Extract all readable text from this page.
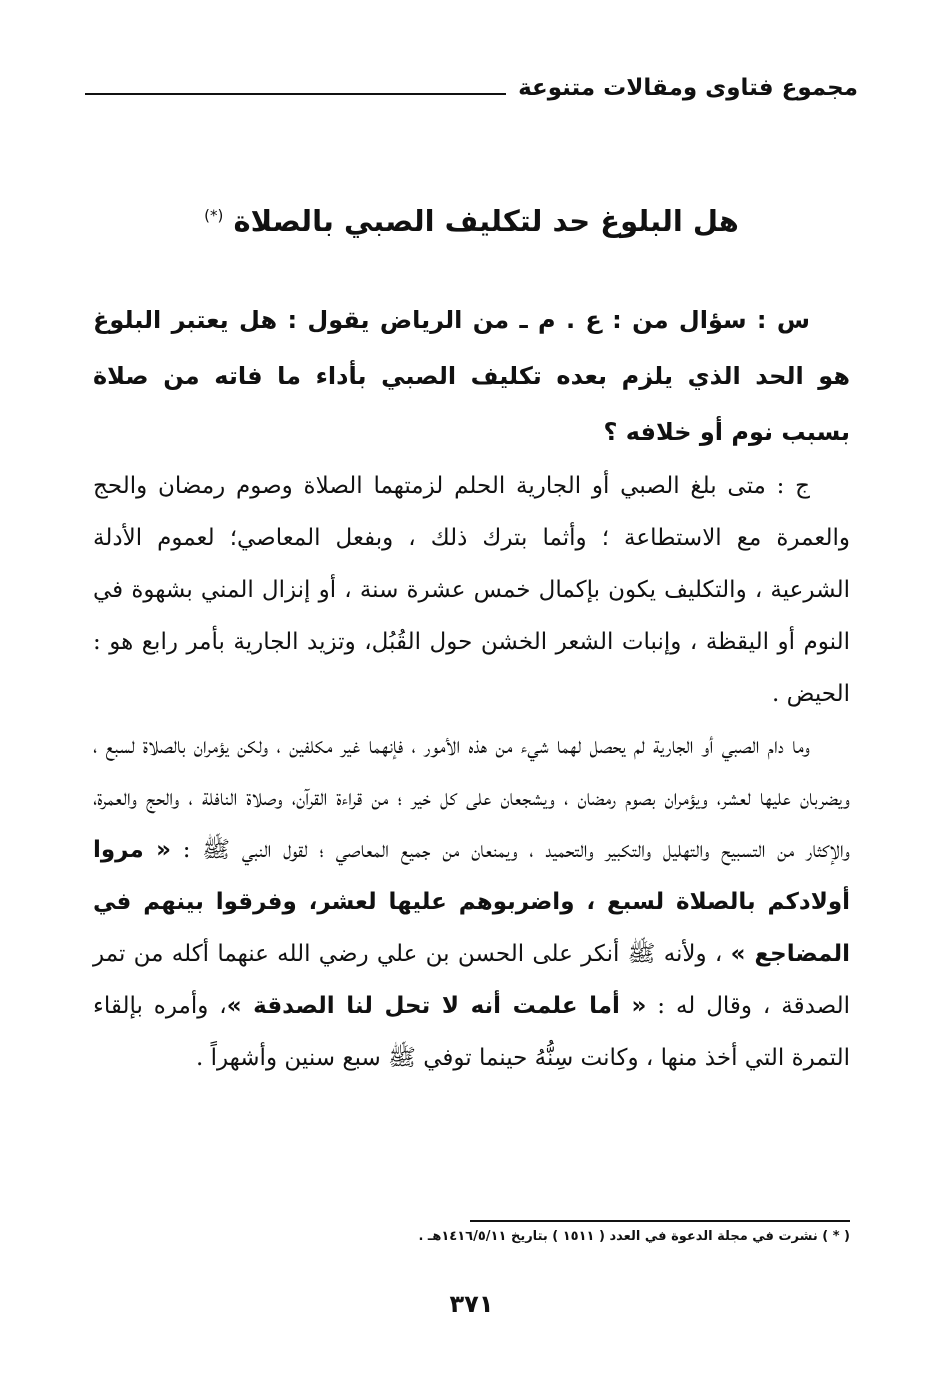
مجموع فتاوى ومقالات متنوعة
هل البلوغ حد لتكليف الصبي بالصلاة (*)

س : سؤال من : ع . م ـ من الرياض يقول : هل يعتبر البلوغ هو الحد الذي يلزم بعده تكليف الصبي بأداء ما فاته من صلاة بسبب نوم أو خلافه ؟

ج : متى بلغ الصبي أو الجارية الحلم لزمتهما الصلاة وصوم رمضان والحج والعمرة مع الاستطاعة ؛ وأثما بترك ذلك ، وبفعل المعاصي؛ لعموم الأدلة الشرعية ، والتكليف يكون بإكمال خمس عشرة سنة ، أو إنزال المني بشهوة في النوم أو اليقظة ، وإنبات الشعر الخشن حول القُبُل، وتزيد الجارية بأمر رابع هو : الحيض .

وما دام الصبي أو الجارية لم يحصل لهما شيء من هذه الأمور ، فإنهما غير مكلفين ، ولكن يؤمران بالصلاة لسبع ، ويضربان عليها لعشر، ويؤمران بصوم رمضان ، ويشجعان على كل خير ؛ من قراءة القرآن، وصلاة النافلة ، والحج والعمرة، والإكثار من التسبيح والتهليل والتكبير والتحميد ، ويمنعان من جميع المعاصي ؛ لقول النبي ﷺ : « مروا أولادكم بالصلاة لسبع ، واضربوهم عليها لعشر، وفرقوا بينهم في المضاجع » ، ولأنه ﷺ أنكر على الحسن بن علي رضي الله عنهما أكله من تمر الصدقة ، وقال له : « أما علمت أنه لا تحل لنا الصدقة »، وأمره بإلقاء التمرة التي أخذ منها ، وكانت سِنُّهُ حينما توفي ﷺ سبع سنين وأشهراً .

( * ) نشرت في مجلة الدعوة في العدد ( ١٥١١ ) بتاريخ ١٤١٦/٥/١١هـ .
٣٧١
